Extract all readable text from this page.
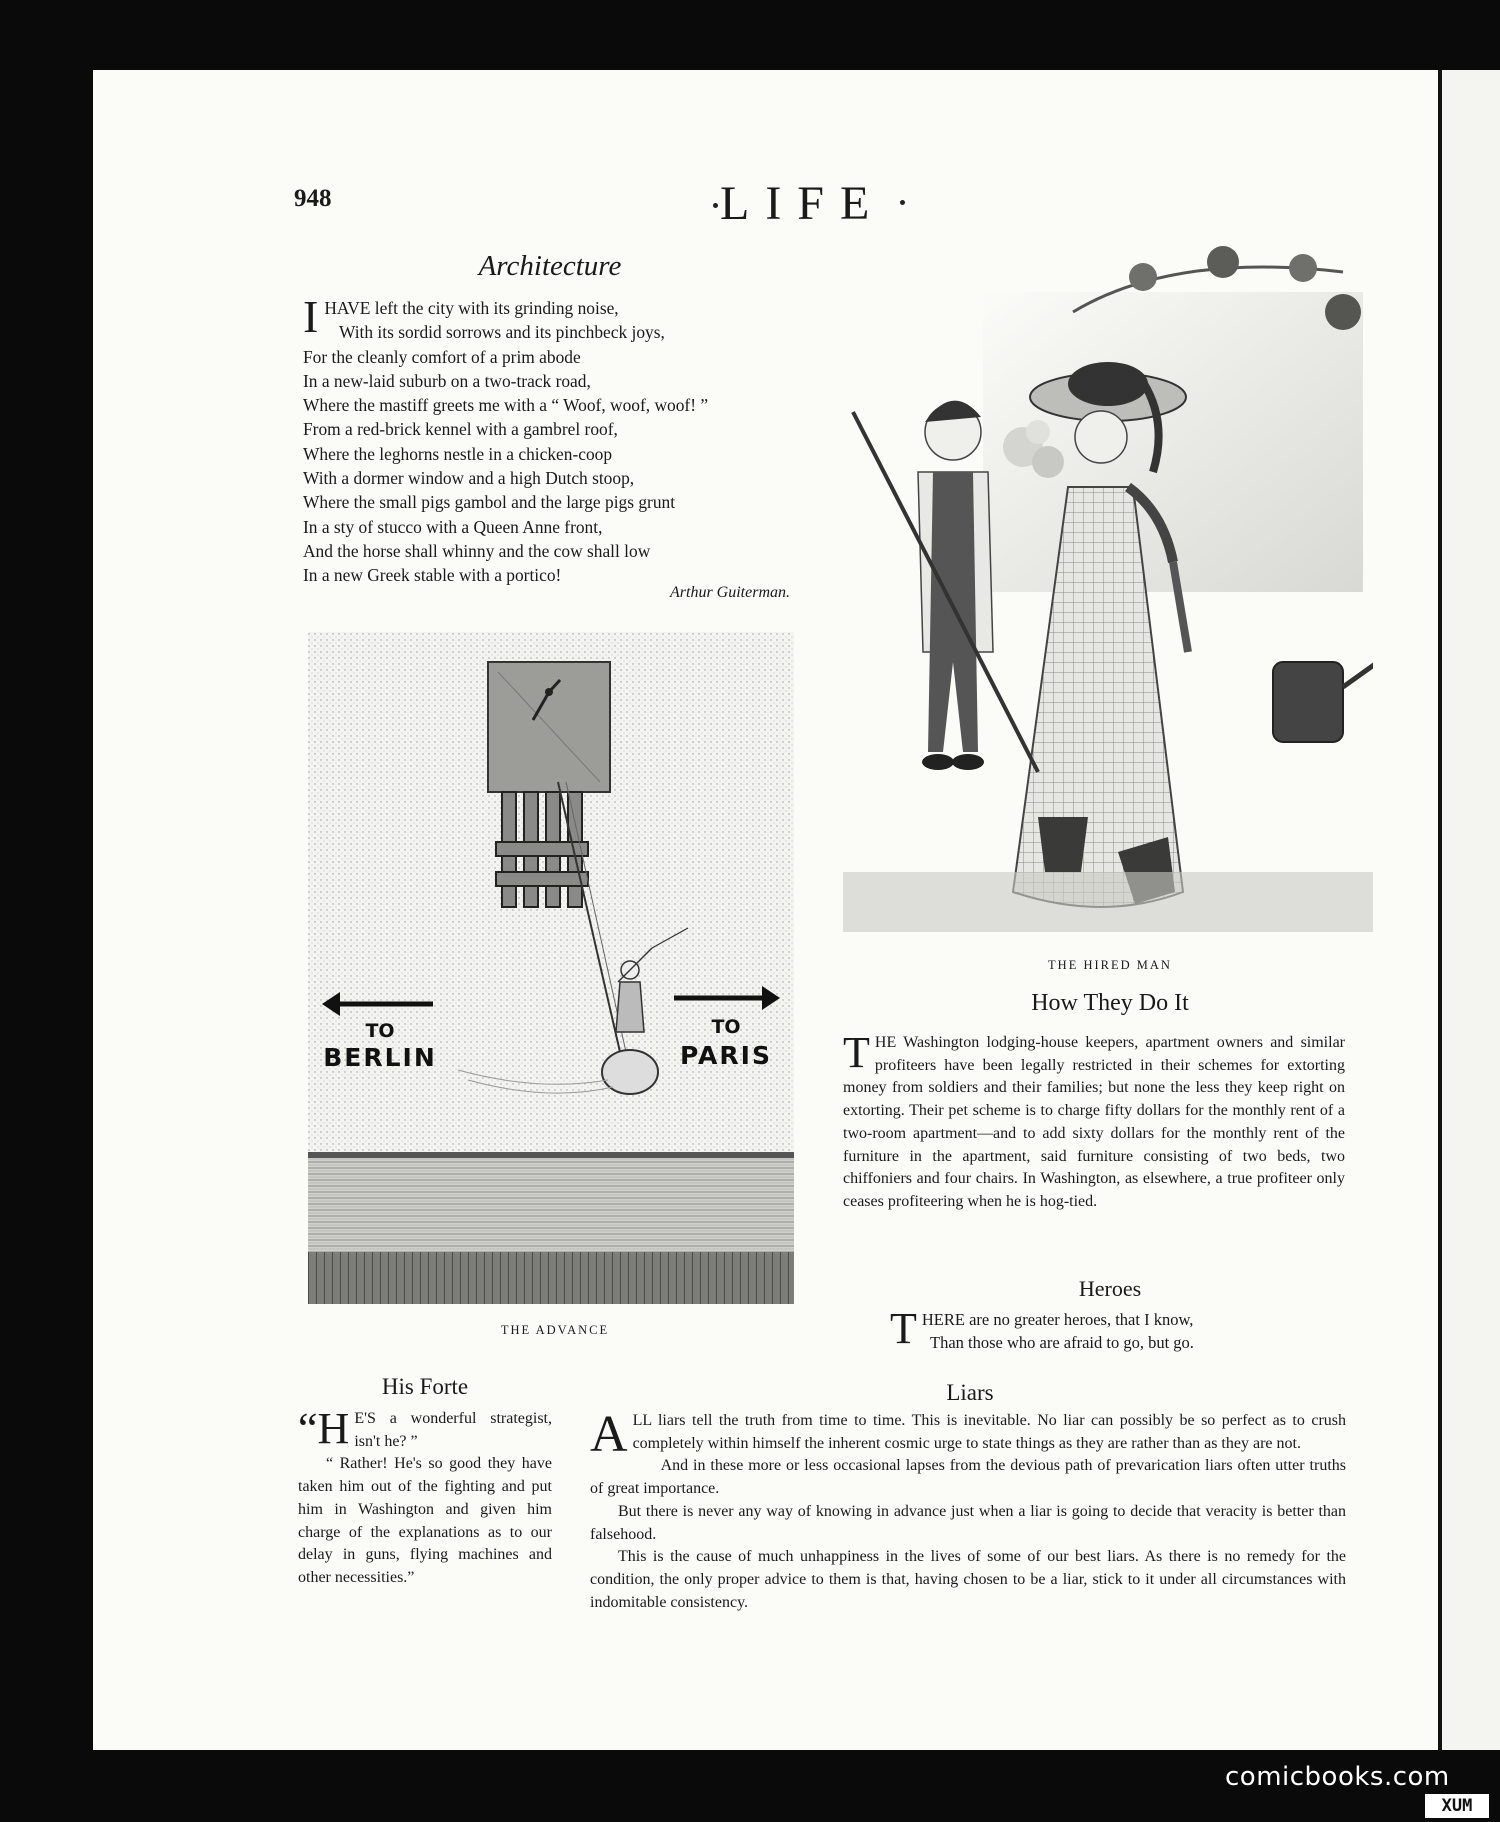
948	LIFE
Architecture
I HAVE left the city with its grinding noise,
With its sordid sorrows and its pinchbeck joys,
For the cleanly comfort of a prim abode
In a new-laid suburb on a two-track road,
Where the mastiff greets me with a “ Woof, woof, woof! ”
From a red-brick kennel with a gambrel roof,
Where the leghorns nestle in a chicken-coop
With a dormer window and a high Dutch stoop,
Where the small pigs gambol and the large pigs grunt
In a sty of stucco with a Queen Anne front,
And the horse shall whinny and the cow shall low
In a new Greek stable with a portico!
Arthur Guiterman.
TO
BERLIN
TO
PARIS
THE ADVANCE
THE HIRED MAN
How They Do It
THE Washington lodging-house keepers, apartment owners and similar profiteers have been legally restricted in their schemes for extorting money from soldiers and their families; but none the less they keep right on extorting. Their pet scheme is to charge fifty dollars for the monthly rent of a two-room apartment—and to add sixty dollars for the monthly rent of the furniture in the apartment, said furniture consisting of two beds, two chiffoniers and four chairs. In Washington, as elsewhere, a true profiteer only ceases profiteering when he is hog-tied.
Heroes
T HERE are no greater heroes, that I know,
Than those who are afraid to go, but go.
His Forte

“H E'S a wonderful strategist, isn't he? ”

“ Rather! He's so good they have taken him out of the fighting and put him in Washington and given him charge of the explanations as to our delay in guns, flying machines and other necessities.”

Liars

ALL liars tell the truth from time to time. This is inevitable. No liar can possibly be so perfect as to crush completely within himself the inherent cosmic urge to state things as they are rather than as they are not.

And in these more or less occasional lapses from the devious path of prevarication liars often utter truths of great importance.

But there is never any way of knowing in advance just when a liar is going to decide that veracity is better than falsehood.

This is the cause of much unhappiness in the lives of some of our best liars. As there is no remedy for the condition, the only proper advice to them is that, having chosen to be a liar, stick to it under all circumstances with indomitable consistency.

comicbooks.com
XUM
